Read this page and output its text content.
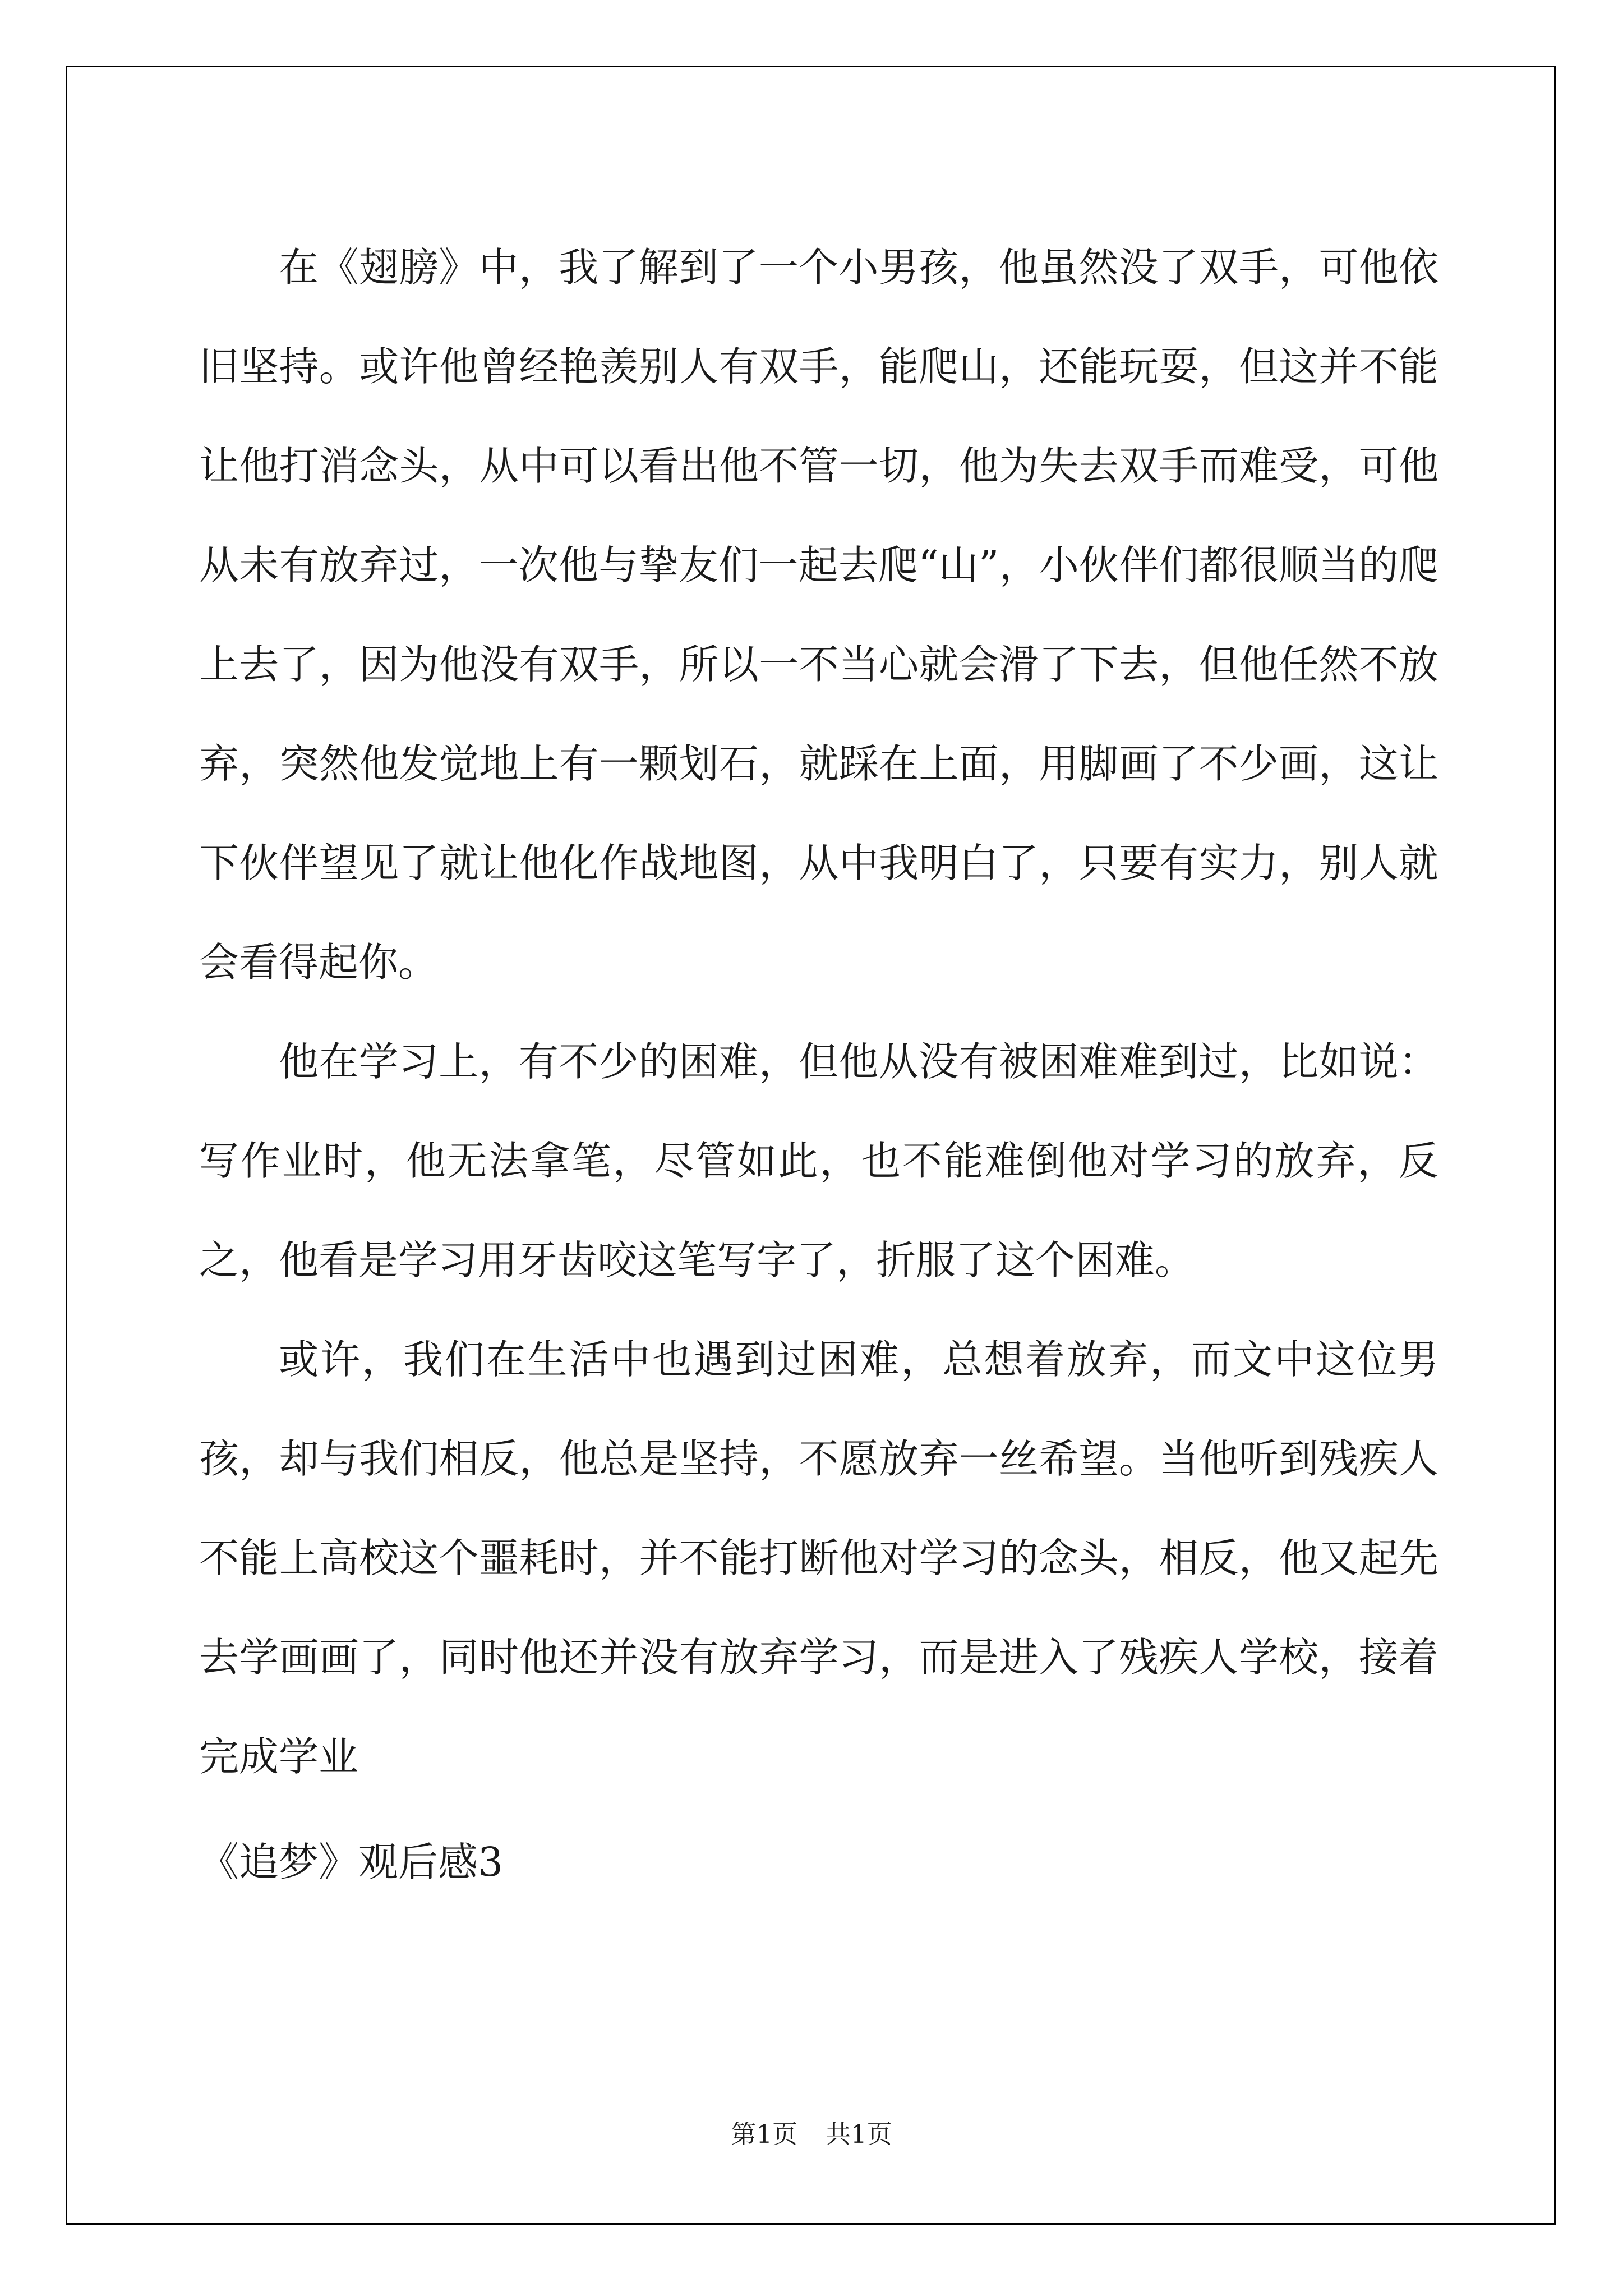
在《翅膀》中，我了解到了一个小男孩，他虽然没了双手，可他依旧坚持。或许他曾经艳羡别人有双手，能爬山，还能玩耍，但这并不能让他打消念头，从中可以看出他不管一切，他为失去双手而难受，可他从未有放弃过，一次他与挚友们一起去爬“山”，小伙伴们都很顺当的爬上去了，因为他没有双手，所以一不当心就会滑了下去，但他任然不放弃，突然他发觉地上有一颗划石，就踩在上面，用脚画了不少画，这让下伙伴望见了就让他化作战地图，从中我明白了，只要有实力，别人就会看得起你。

他在学习上，有不少的困难，但他从没有被困难难到过，比如说：写作业时，他无法拿笔，尽管如此，也不能难倒他对学习的放弃，反之，他看是学习用牙齿咬这笔写字了，折服了这个困难。

或许，我们在生活中也遇到过困难，总想着放弃，而文中这位男孩，却与我们相反，他总是坚持，不愿放弃一丝希望。当他听到残疾人不能上高校这个噩耗时，并不能打断他对学习的念头，相反，他又起先去学画画了，同时他还并没有放弃学习，而是进入了残疾人学校，接着完成学业

《追梦》观后感3
第1页 共1页
